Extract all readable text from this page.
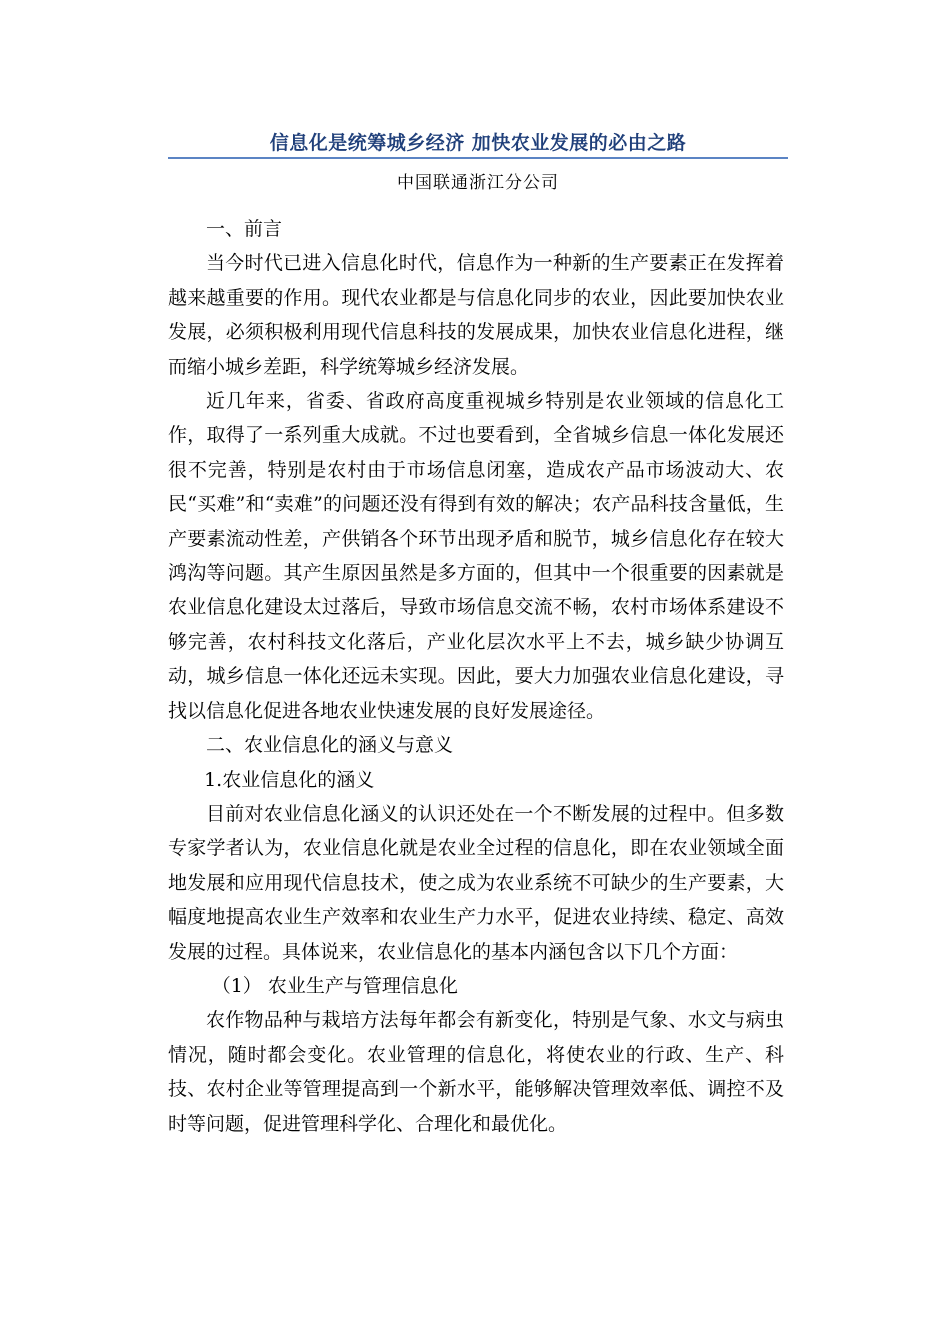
信息化是统筹城乡经济 加快农业发展的必由之路
中国联通浙江分公司

一、前言

当今时代已进入信息化时代，信息作为一种新的生产要素正在发挥着越来越重要的作用。现代农业都是与信息化同步的农业，因此要加快农业发展，必须积极利用现代信息科技的发展成果，加快农业信息化进程，继而缩小城乡差距，科学统筹城乡经济发展。

近几年来，省委、省政府高度重视城乡特别是农业领域的信息化工作，取得了一系列重大成就。不过也要看到，全省城乡信息一体化发展还很不完善，特别是农村由于市场信息闭塞，造成农产品市场波动大、农民“买难”和“卖难”的问题还没有得到有效的解决；农产品科技含量低，生产要素流动性差，产供销各个环节出现矛盾和脱节，城乡信息化存在较大鸿沟等问题。其产生原因虽然是多方面的，但其中一个很重要的因素就是农业信息化建设太过落后，导致市场信息交流不畅，农村市场体系建设不够完善，农村科技文化落后，产业化层次水平上不去，城乡缺少协调互动，城乡信息一体化还远未实现。因此，要大力加强农业信息化建设，寻找以信息化促进各地农业快速发展的良好发展途径。

二、农业信息化的涵义与意义

1.农业信息化的涵义

目前对农业信息化涵义的认识还处在一个不断发展的过程中。但多数专家学者认为，农业信息化就是农业全过程的信息化，即在农业领域全面地发展和应用现代信息技术，使之成为农业系统不可缺少的生产要素，大幅度地提高农业生产效率和农业生产力水平，促进农业持续、稳定、高效发展的过程。具体说来，农业信息化的基本内涵包含以下几个方面：

（1） 农业生产与管理信息化

农作物品种与栽培方法每年都会有新变化，特别是气象、水文与病虫情况，随时都会变化。农业管理的信息化，将使农业的行政、生产、科技、农村企业等管理提高到一个新水平，能够解决管理效率低、调控不及时等问题，促进管理科学化、合理化和最优化。
